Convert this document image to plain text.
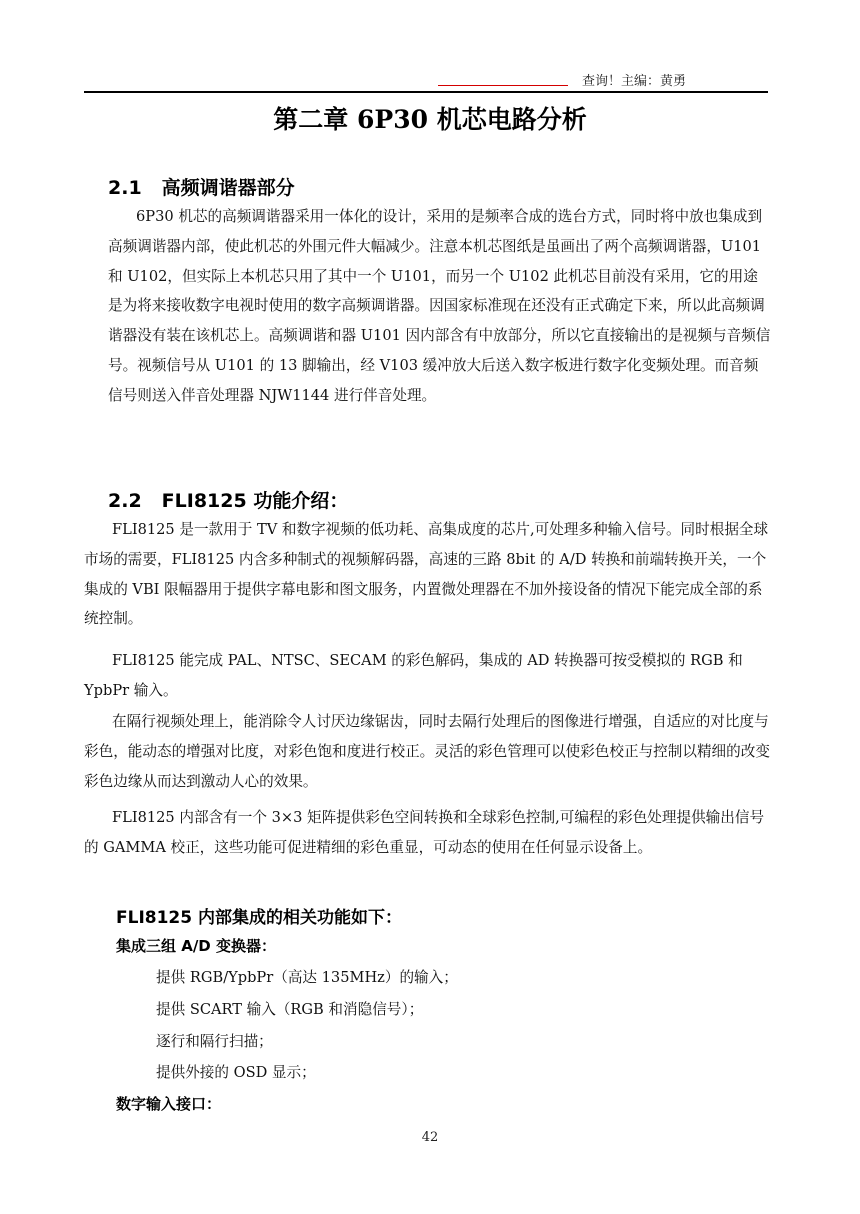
查询！主编：黄勇
第二章 6P30 机芯电路分析
2.1 高频调谐器部分
6P30 机芯的高频调谐器采用一体化的设计，采用的是频率合成的选台方式，同时将中放也集成到高频调谐器内部，使此机芯的外围元件大幅减少。注意本机芯图纸是虽画出了两个高频调谐器，U101 和 U102，但实际上本机芯只用了其中一个 U101，而另一个 U102 此机芯目前没有采用，它的用途是为将来接收数字电视时使用的数字高频调谐器。因国家标准现在还没有正式确定下来，所以此高频调谐器没有装在该机芯上。高频调谐和器 U101 因内部含有中放部分，所以它直接输出的是视频与音频信号。视频信号从 U101 的 13 脚输出，经 V103 缓冲放大后送入数字板进行数字化变频处理。而音频信号则送入伴音处理器 NJW1144 进行伴音处理。
2.2 FLI8125 功能介绍：
FLI8125 是一款用于 TV 和数字视频的低功耗、高集成度的芯片,可处理多种输入信号。同时根据全球市场的需要，FLI8125 内含多种制式的视频解码器，高速的三路 8bit 的 A/D 转换和前端转换开关，一个集成的 VBI 限幅器用于提供字幕电影和图文服务，内置微处理器在不加外接设备的情况下能完成全部的系统控制。
FLI8125 能完成 PAL、NTSC、SECAM 的彩色解码，集成的 AD 转换器可按受模拟的 RGB 和 YpbPr 输入。
在隔行视频处理上，能消除令人讨厌边缘锯齿，同时去隔行处理后的图像进行增强，自适应的对比度与彩色，能动态的增强对比度，对彩色饱和度进行校正。灵活的彩色管理可以使彩色校正与控制以精细的改变彩色边缘从而达到激动人心的效果。
FLI8125 内部含有一个 3×3 矩阵提供彩色空间转换和全球彩色控制,可编程的彩色处理提供输出信号的 GAMMA 校正，这些功能可促进精细的彩色重显，可动态的使用在任何显示设备上。
FLI8125 内部集成的相关功能如下：
集成三组 A/D 变换器：
提供 RGB/YpbPr（高达 135MHz）的输入；
提供 SCART 输入（RGB 和消隐信号）；
逐行和隔行扫描；
提供外接的 OSD 显示；
数字输入接口：
42
